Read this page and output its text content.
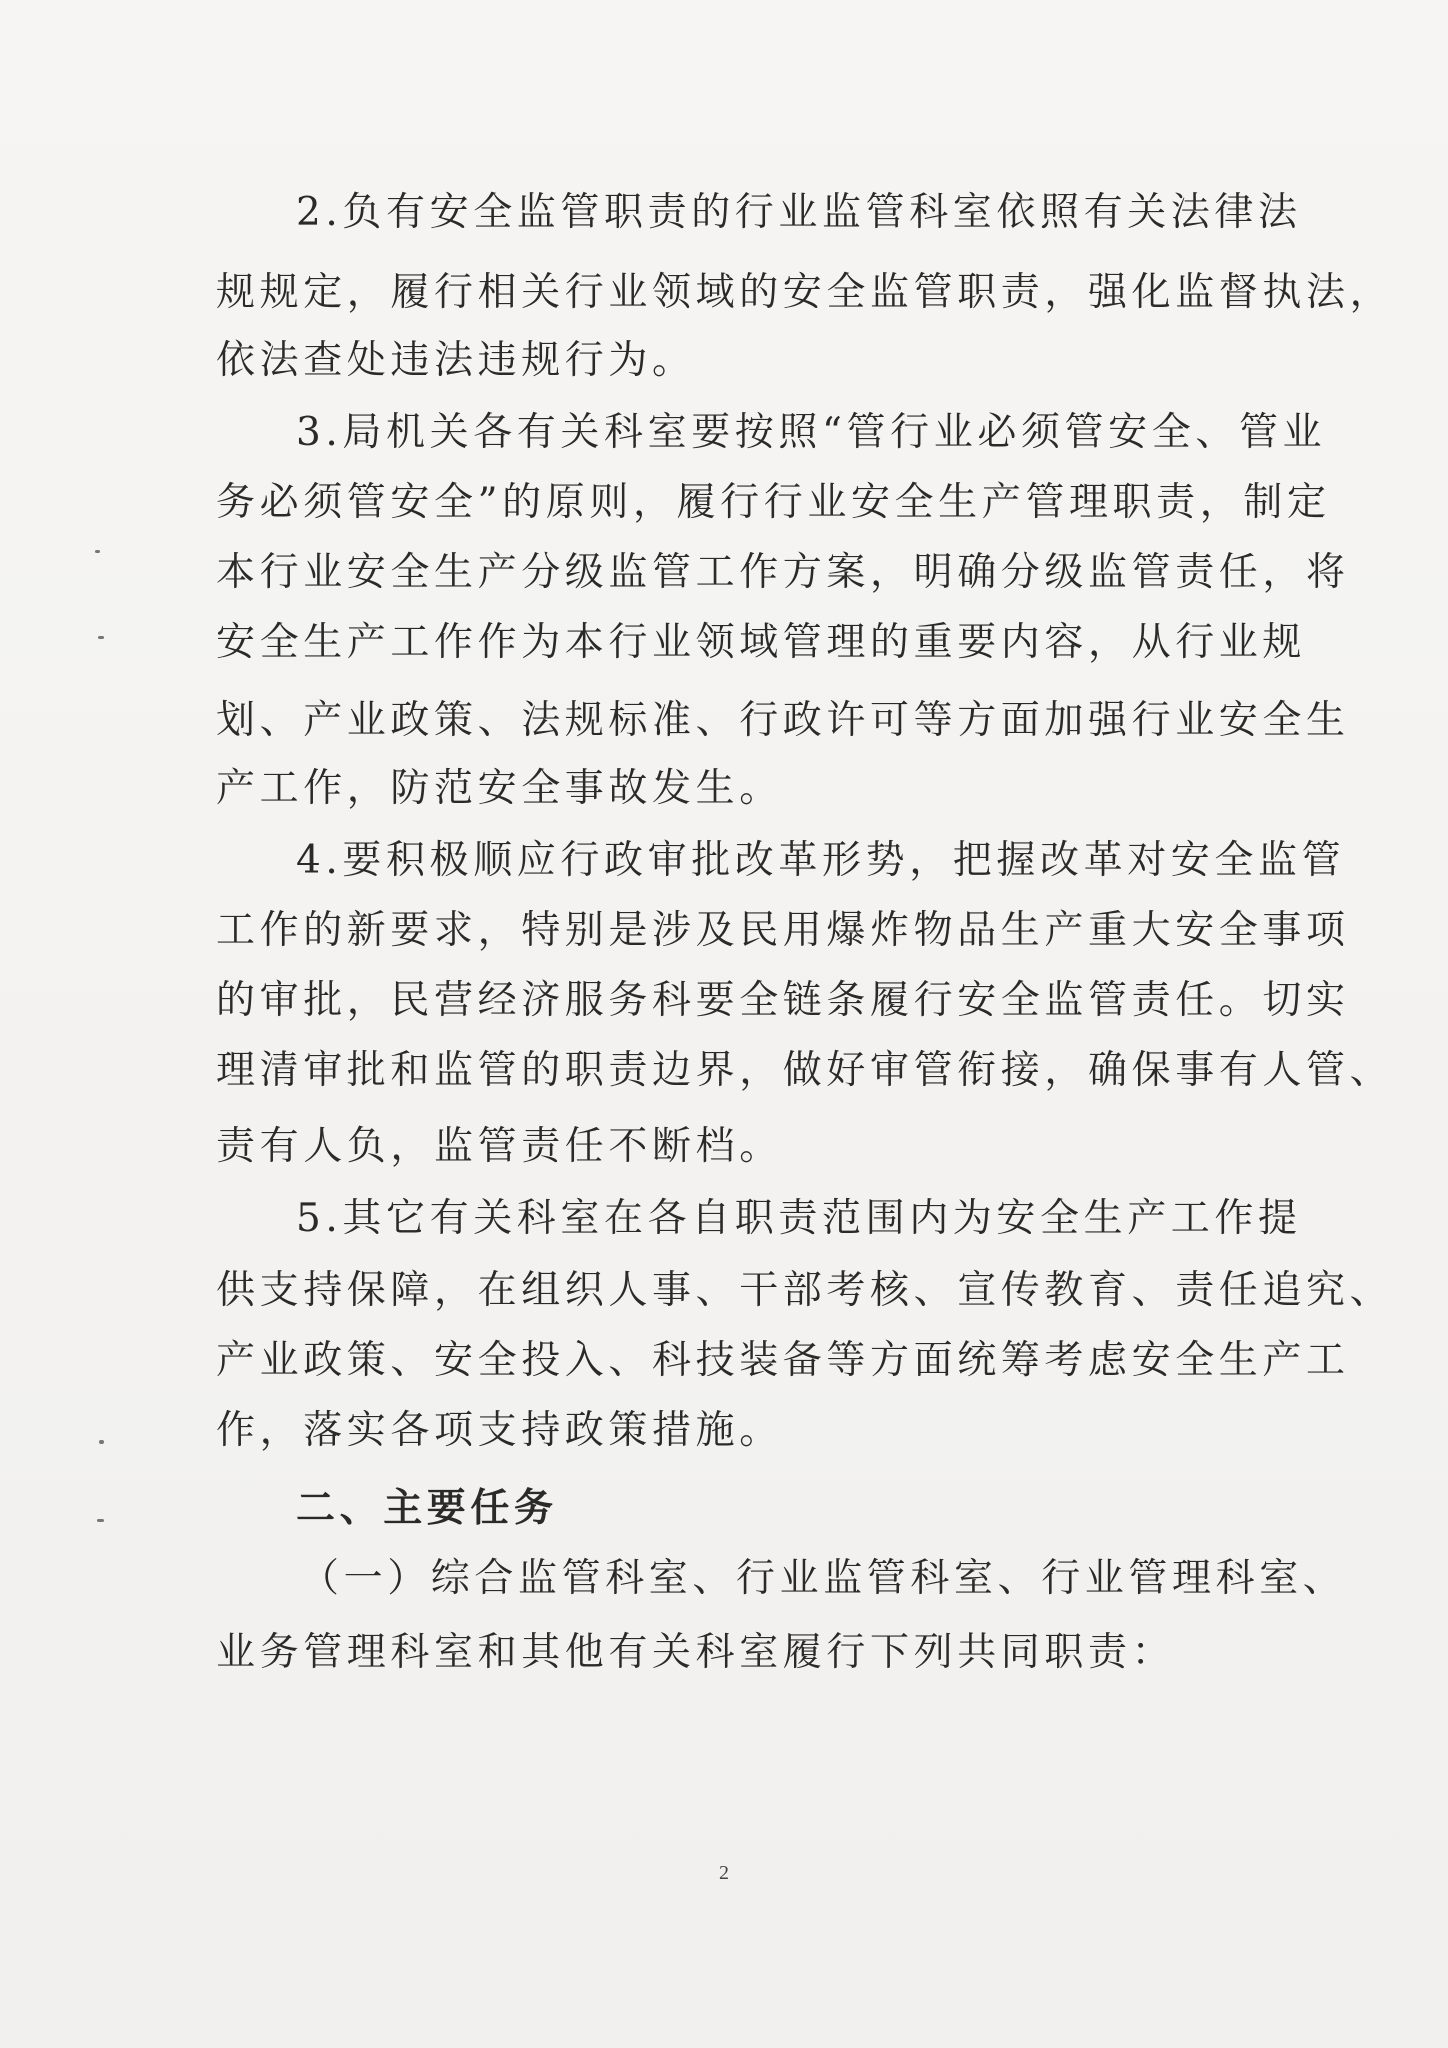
2.负有安全监管职责的行业监管科室依照有关法律法
规规定，履行相关行业领域的安全监管职责，强化监督执法，
依法查处违法违规行为。
3.局机关各有关科室要按照“管行业必须管安全、管业
务必须管安全”的原则，履行行业安全生产管理职责，制定
本行业安全生产分级监管工作方案，明确分级监管责任，将
安全生产工作作为本行业领域管理的重要内容，从行业规
划、产业政策、法规标准、行政许可等方面加强行业安全生
产工作，防范安全事故发生。
4.要积极顺应行政审批改革形势，把握改革对安全监管
工作的新要求，特别是涉及民用爆炸物品生产重大安全事项
的审批，民营经济服务科要全链条履行安全监管责任。切实
理清审批和监管的职责边界，做好审管衔接，确保事有人管、
责有人负，监管责任不断档。
5.其它有关科室在各自职责范围内为安全生产工作提
供支持保障，在组织人事、干部考核、宣传教育、责任追究、
产业政策、安全投入、科技装备等方面统筹考虑安全生产工
作，落实各项支持政策措施。
二、主要任务
（一）综合监管科室、行业监管科室、行业管理科室、
业务管理科室和其他有关科室履行下列共同职责：
2
